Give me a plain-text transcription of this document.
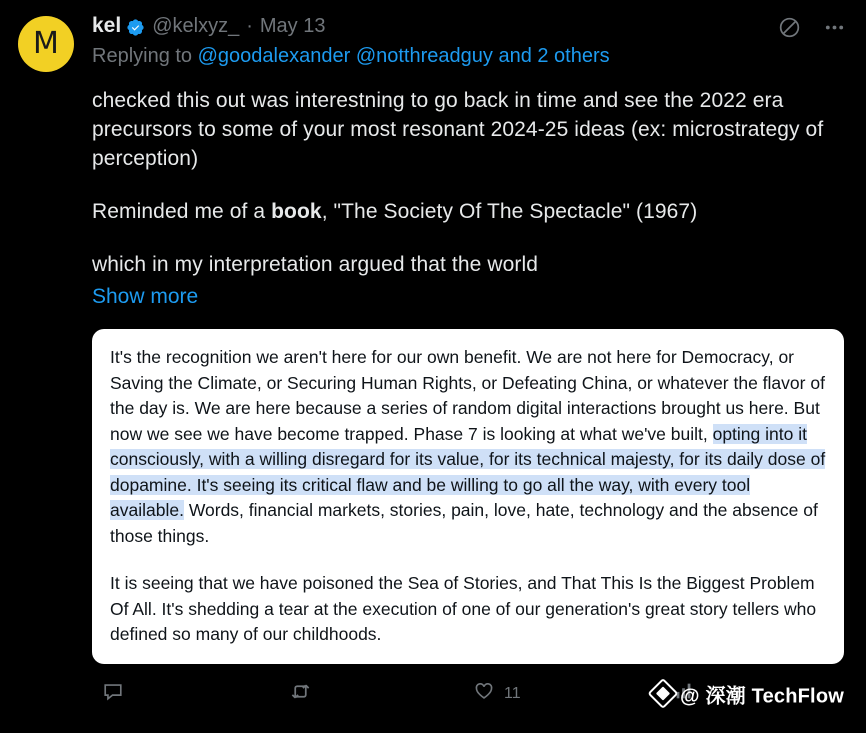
M
kel @kelxyz_ · May 13
Replying to @goodalexander @notthreadguy and 2 others

checked this out was interestning to go back in time and see the 2022 era precursors to some of your most resonant 2024-25 ideas (ex: microstrategy of perception)

Reminded me of a book, "The Society Of The Spectacle" (1967)

which in my interpretation argued that the world

Show more

It's the recognition we aren't here for our own benefit. We are not here for Democracy, or Saving the Climate, or Securing Human Rights, or Defeating China, or whatever the flavor of the day is. We are here because a series of random digital interactions brought us here. But now we see we have become trapped. Phase 7 is looking at what we've built, opting into it consciously, with a willing disregard for its value, for its technical majesty, for its daily dose of dopamine. It's seeing its critical flaw and be willing to go all the way, with every tool available. Words, financial markets, stories, pain, love, hate, technology and the absence of those things.

It is seeing that we have poisoned the Sea of Stories, and That This Is the Biggest Problem Of All. It's shedding a tear at the execution of one of our generation's great story tellers who defined so many of our childhoods.

11	@ 深潮 TechFlow
